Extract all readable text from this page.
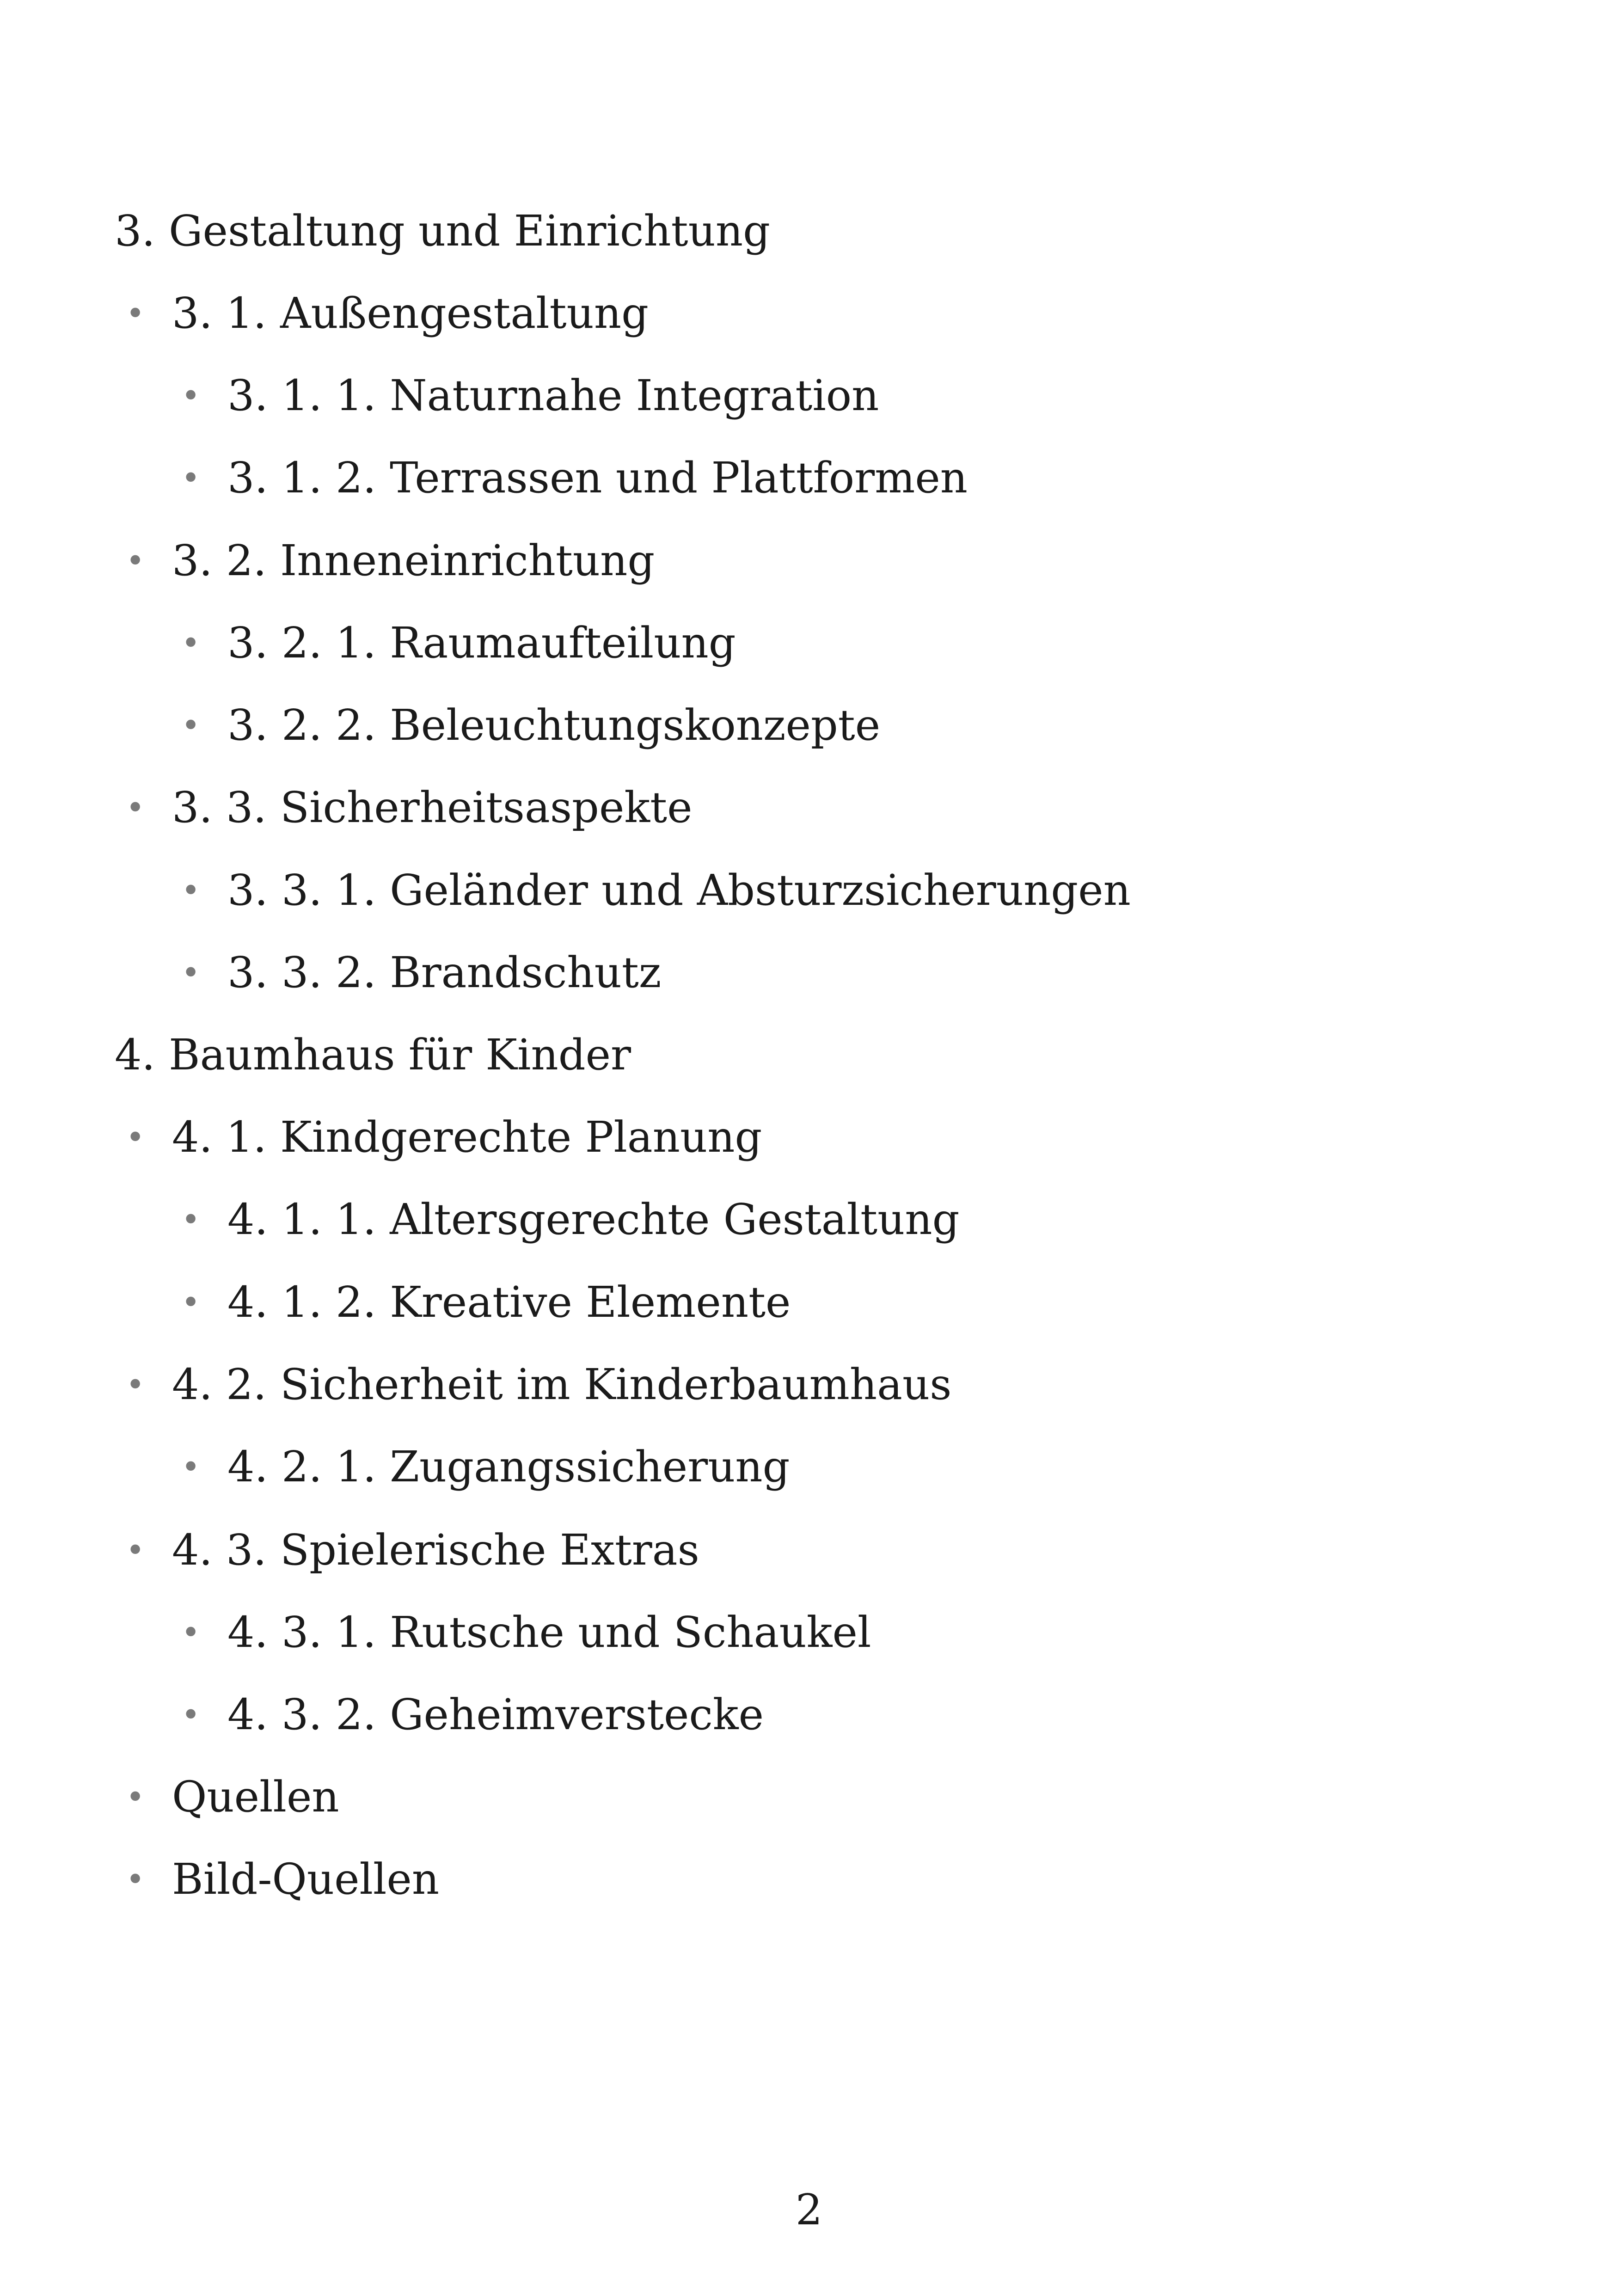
3. Gestaltung und Einrichtung
•
3. 1. Außengestaltung
•
3. 1. 1. Naturnahe Integration
•
3. 1. 2. Terrassen und Plattformen
•
3. 2. Inneneinrichtung
•
3. 2. 1. Raumaufteilung
•
3. 2. 2. Beleuchtungskonzepte
•
3. 3. Sicherheitsaspekte
•
3. 3. 1. Geländer und Absturzsicherungen
•
3. 3. 2. Brandschutz
4. Baumhaus für Kinder
•
4. 1. Kindgerechte Planung
•
4. 1. 1. Altersgerechte Gestaltung
•
4. 1. 2. Kreative Elemente
•
4. 2. Sicherheit im Kinderbaumhaus
•
4. 2. 1. Zugangssicherung
•
4. 3. Spielerische Extras
•
4. 3. 1. Rutsche und Schaukel
•
4. 3. 2. Geheimverstecke
•
Quellen
•
Bild-Quellen
2
